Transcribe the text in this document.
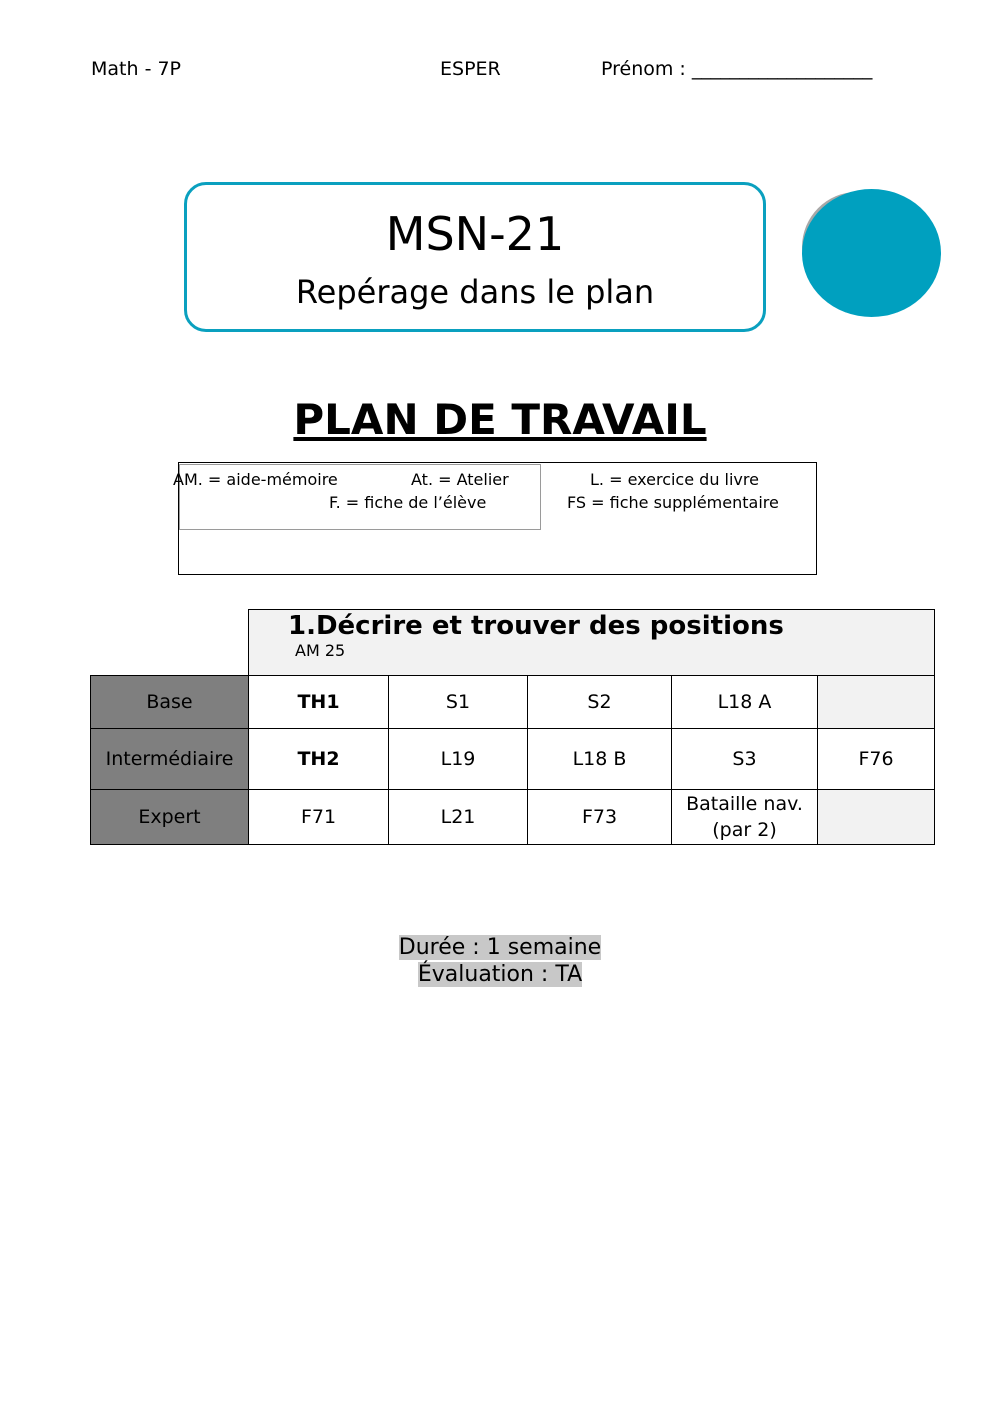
Math - 7P	ESPER	Prénom : ___________________
MSN-21
Repérage dans le plan
PLAN DE TRAVAIL
AM. = aide-mémoire	At. = Atelier	L. = exercice du livre
F. = fiche de l’élève	FS = fiche supplémentaire

	1.Décrire et trouver des positions
AM 25				

Base	TH1	S1	S2	L18 A	
Intermédiaire	TH2	L19	L18 B	S3	F76
Expert	F71	L21	F73	Bataille nav. (par 2)	
Durée : 1 semaine
Évaluation : TA
